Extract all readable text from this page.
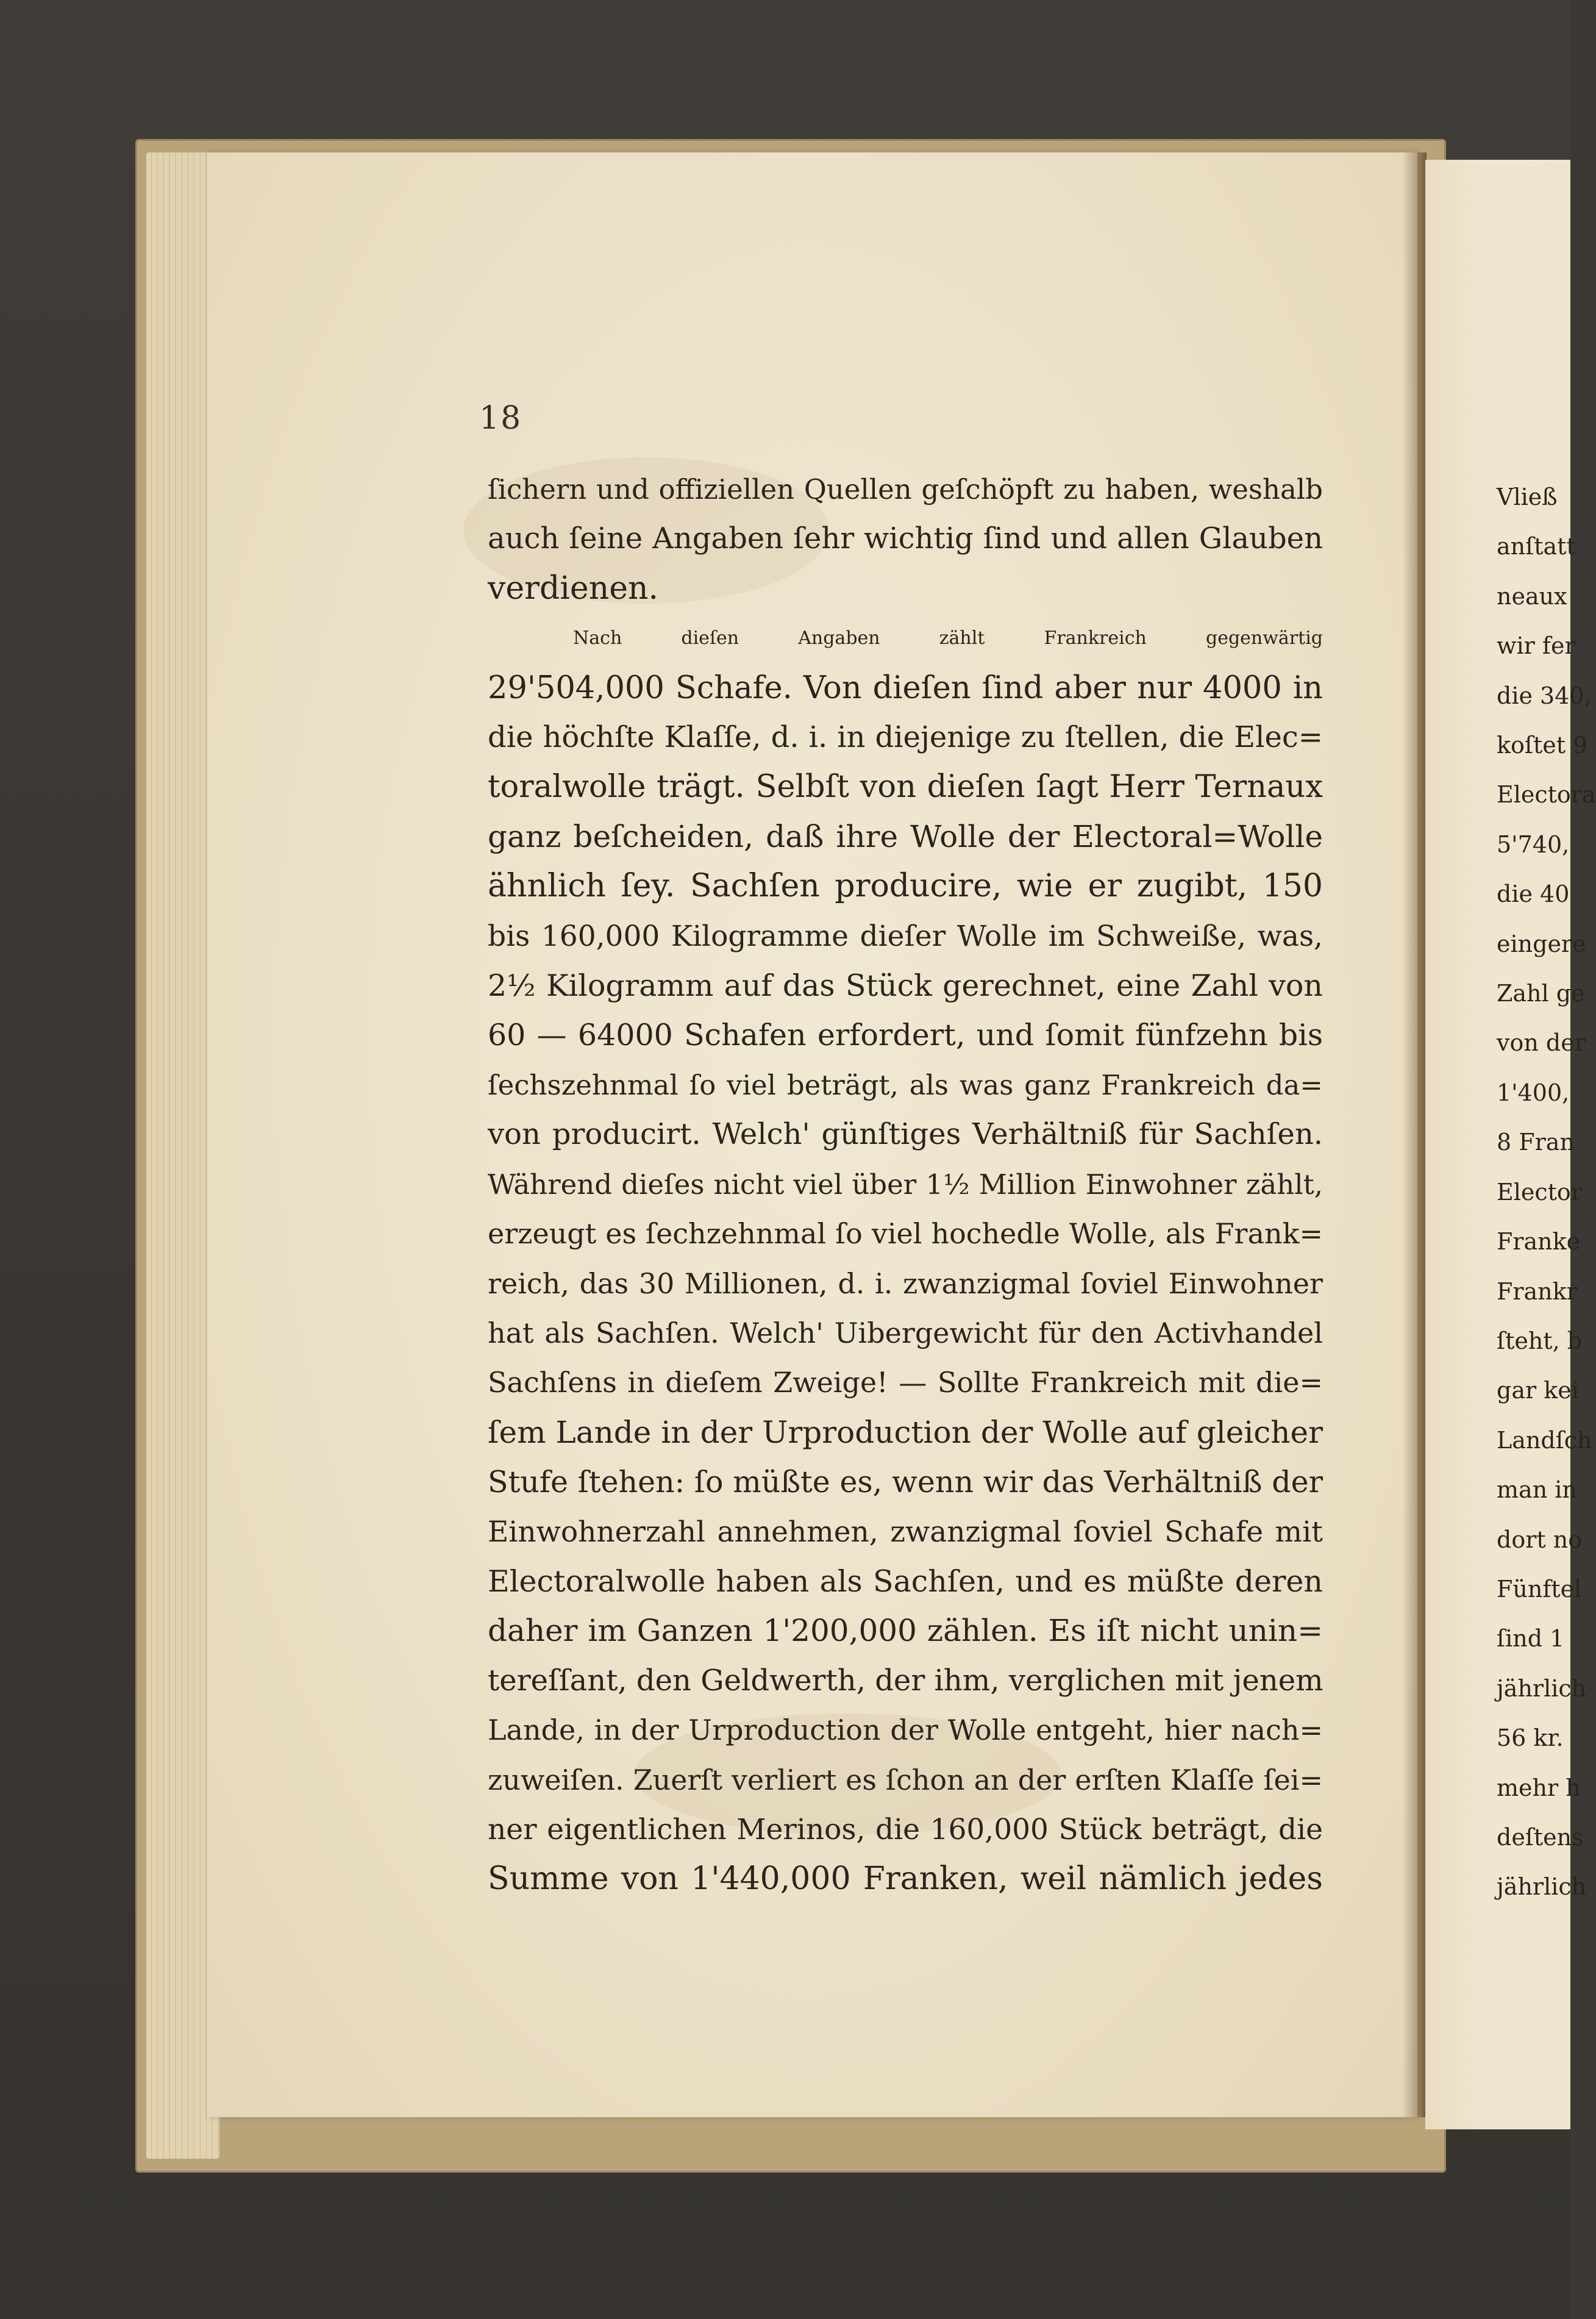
18
ſichern und offiziellen Quellen geſchöpft zu haben, weshalb
auch ſeine Angaben ſehr wichtig ſind und allen Glauben
verdienen.
Nach dieſen Angaben zählt Frankreich gegenwärtig
29'504,000 Schafe. Von dieſen ſind aber nur 4000 in
die höchſte Klaſſe, d. i. in diejenige zu ſtellen, die Elec=
toralwolle trägt. Selbſt von dieſen ſagt Herr Ternaux
ganz beſcheiden, daß ihre Wolle der Electoral=Wolle
ähnlich ſey. Sachſen producire, wie er zugibt, 150
bis 160,000 Kilogramme dieſer Wolle im Schweiße, was,
2½ Kilogramm auf das Stück gerechnet, eine Zahl von
60 — 64000 Schafen erfordert, und ſomit fünfzehn bis
ſechszehnmal ſo viel beträgt, als was ganz Frankreich da=
von producirt. Welch' günſtiges Verhältniß für Sachſen.
Während dieſes nicht viel über 1½ Million Einwohner zählt,
erzeugt es ſechzehnmal ſo viel hochedle Wolle, als Frank=
reich, das 30 Millionen, d. i. zwanzigmal ſoviel Einwohner
hat als Sachſen. Welch' Uibergewicht für den Activhandel
Sachſens in dieſem Zweige! — Sollte Frankreich mit die=
ſem Lande in der Urproduction der Wolle auf gleicher
Stufe ſtehen: ſo müßte es, wenn wir das Verhältniß der
Einwohnerzahl annehmen, zwanzigmal ſoviel Schafe mit
Electoralwolle haben als Sachſen, und es müßte deren
daher im Ganzen 1'200,000 zählen. Es iſt nicht unin=
tereſſant, den Geldwerth, der ihm, verglichen mit jenem
Lande, in der Urproduction der Wolle entgeht, hier nach=
zuweiſen. Zuerſt verliert es ſchon an der erſten Klaſſe ſei=
ner eigentlichen Merinos, die 160,000 Stück beträgt, die
Summe von 1'440,000 Franken, weil nämlich jedes
Vließ
anſtatt
neaux
wir fer
die 340,
koſtet 9
Electora
5'740,
die 40
eingere
Zahl ge
von der
1'400,
8 Fran
Elector
Franke
Frankr
ſteht, b
gar kei
Landſch
man in
dort no
Fünftel
ſind 1
jährlich
56 kr.
mehr h
deſtens
jährlich
